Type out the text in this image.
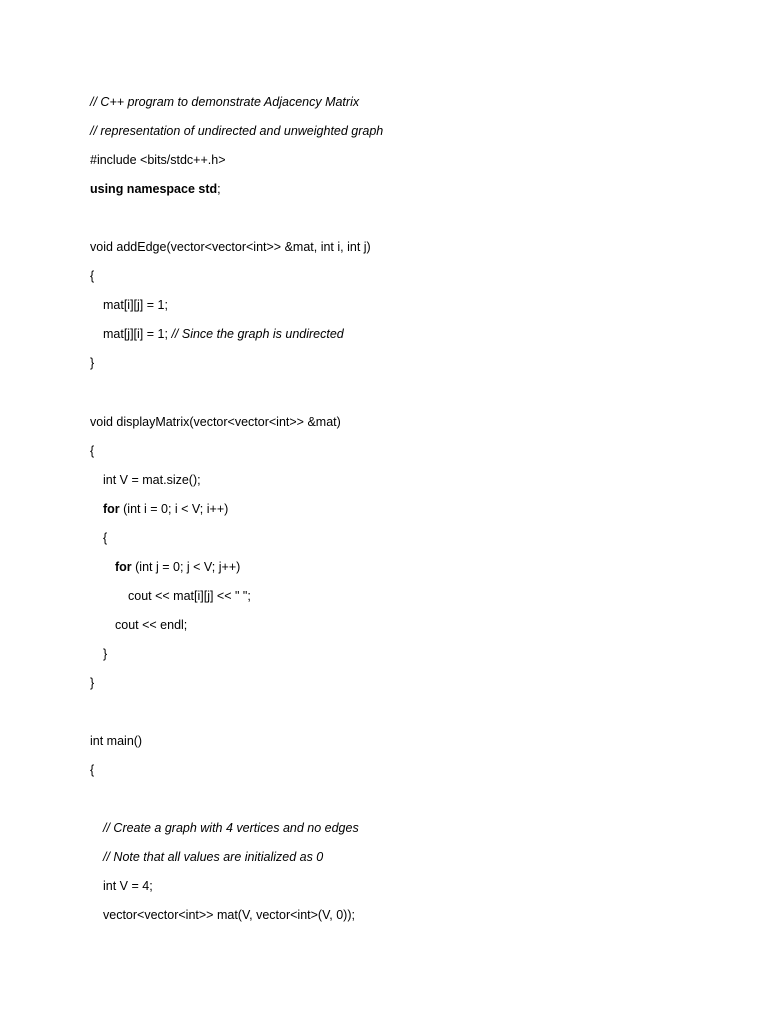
// C++ program to demonstrate Adjacency Matrix
// representation of undirected and unweighted graph
#include <bits/stdc++.h>
using namespace std;
void addEdge(vector<vector<int>> &mat, int i, int j)
{
mat[i][j] = 1;
mat[j][i] = 1; // Since the graph is undirected
}
void displayMatrix(vector<vector<int>> &mat)
{
int V = mat.size();
for (int i = 0; i < V; i++)
{
for (int j = 0; j < V; j++)
cout << mat[i][j] << " ";
cout << endl;
}
}
int main()
{
// Create a graph with 4 vertices and no edges
// Note that all values are initialized as 0
int V = 4;
vector<vector<int>> mat(V, vector<int>(V, 0));
